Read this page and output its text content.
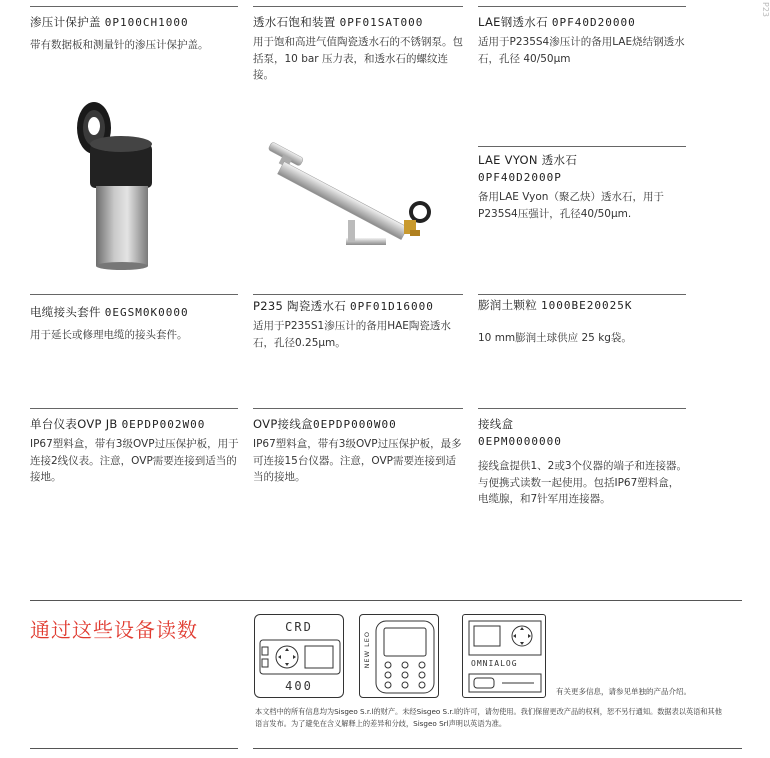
P23
渗压计保护盖 0P100CH1000
带有数据板和测量针的渗压计保护盖。
透水石饱和装置 0PF01SAT000
用于饱和高进气值陶瓷透水石的不锈钢泵。包括泵，10 bar 压力表，和透水石的螺纹连接。
LAE钢透水石 0PF40D20000
适用于P235S4渗压计的备用LAE烧结钢透水石，孔径 40/50μm
LAE VYON 透水石
0PF40D2000P
备用LAE Vyon（聚乙炔）透水石，用于P235S4压强计，孔径40/50μm.
电缆接头套件 0EGSM0K0000
用于延长或修理电缆的接头套件。
P235 陶瓷透水石 0PF01D16000
适用于P235S1渗压计的备用HAE陶瓷透水石，孔径0.25μm。
膨润土颗粒 1000BE20025K
10 mm膨润土球供应 25 kg袋。
单台仪表OVP JB 0EPDP002W00
IP67塑料盒，带有3级OVP过压保护板，用于连接2线仪表。注意，OVP需要连接到适当的接地。
OVP接线盒0EPDP000W00
IP67塑料盒，带有3级OVP过压保护板，最多可连接15台仪器。注意，OVP需要连接到适当的接地。
接线盒
0EPM0000000
接线盒提供1、2或3个仪器的端子和连接器。与便携式读数一起使用。包括IP67塑料盒，电缆腺，和7针军用连接器。
通过这些设备读数	CRD
400
NEW LEO	OMNIALOG
有关更多信息，请参见单独的产品介绍。
本文档中的所有信息均为Sisgeo S.r.l的财产。未经Sisgeo S.r.l的许可，请勿使用。我们保留更改产品的权利，恕不另行通知。数据表以英语和其他语言发布。为了避免在含义解释上的差异和分歧，Sisgeo Srl声明以英语为准。
